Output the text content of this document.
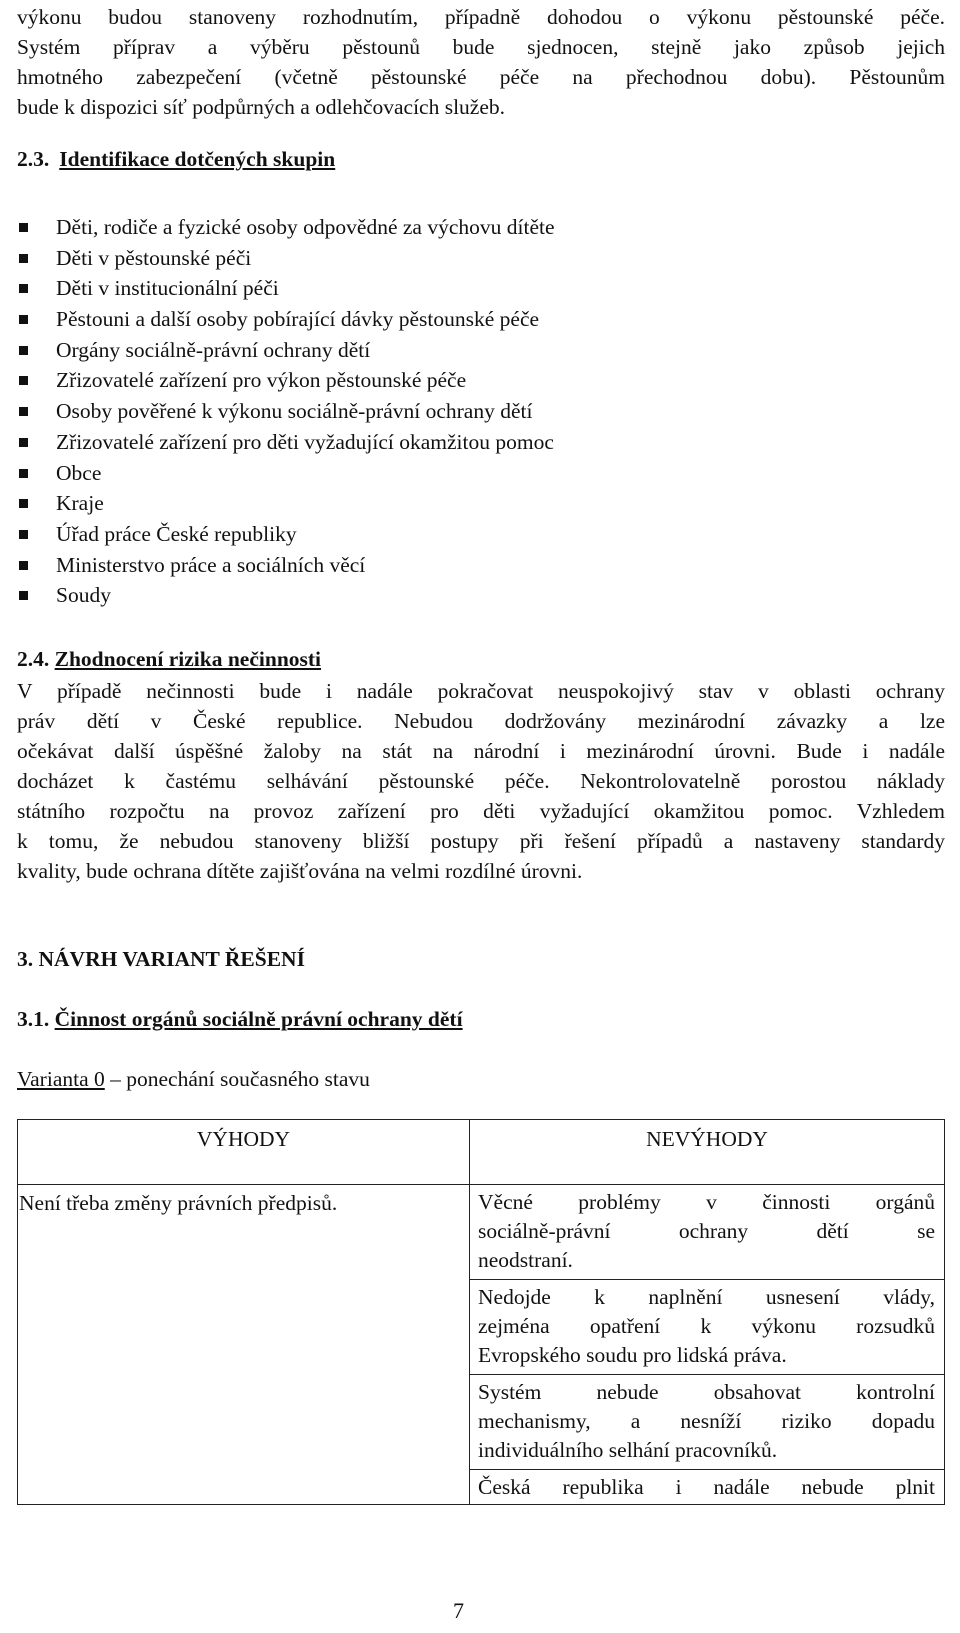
výkonu budou stanoveny rozhodnutím, případně dohodou o výkonu pěstounské péče.
Systém příprav a výběru pěstounů bude sjednocen, stejně jako způsob jejich
hmotného zabezpečení (včetně pěstounské péče na přechodnou dobu). Pěstounům
bude k dispozici síť podpůrných a odlehčovacích služeb.
2.3. Identifikace dotčených skupin
Děti, rodiče a fyzické osoby odpovědné za výchovu dítěte
Děti v pěstounské péči
Děti v institucionální péči
Pěstouni a další osoby pobírající dávky pěstounské péče
Orgány sociálně-právní ochrany dětí
Zřizovatelé zařízení pro výkon pěstounské péče
Osoby pověřené k výkonu sociálně-právní ochrany dětí
Zřizovatelé zařízení pro děti vyžadující okamžitou pomoc
Obce
Kraje
Úřad práce České republiky
Ministerstvo práce a sociálních věcí
Soudy
2.4. Zhodnocení rizika nečinnosti
V případě nečinnosti bude i nadále pokračovat neuspokojivý stav v oblasti ochrany
práv dětí v České republice. Nebudou dodržovány mezinárodní závazky a lze
očekávat další úspěšné žaloby na stát na národní i mezinárodní úrovni. Bude i nadále
docházet k častému selhávání pěstounské péče. Nekontrolovatelně porostou náklady
státního rozpočtu na provoz zařízení pro děti vyžadující okamžitou pomoc. Vzhledem
k tomu, že nebudou stanoveny bližší postupy při řešení případů a nastaveny standardy
kvality, bude ochrana dítěte zajišťována na velmi rozdílné úrovni.
3. NÁVRH VARIANT ŘEŠENÍ
3.1. Činnost orgánů sociálně právní ochrany dětí
Varianta 0 – ponechání současného stavu
VÝHODY	NEVÝHODY

Není třeba změny právních předpisů.	Věcné problémy v činnosti orgánů
sociálně-právní ochrany dětí se
neodstraní.

	Nedojde k naplnění usnesení vlády,
zejména opatření k výkonu rozsudků
Evropského soudu pro lidská práva.

	Systém nebude obsahovat kontrolní
mechanismy, a nesníží riziko dopadu
individuálního selhání pracovníků.

	Česká republika i nadále nebude plnit
7
